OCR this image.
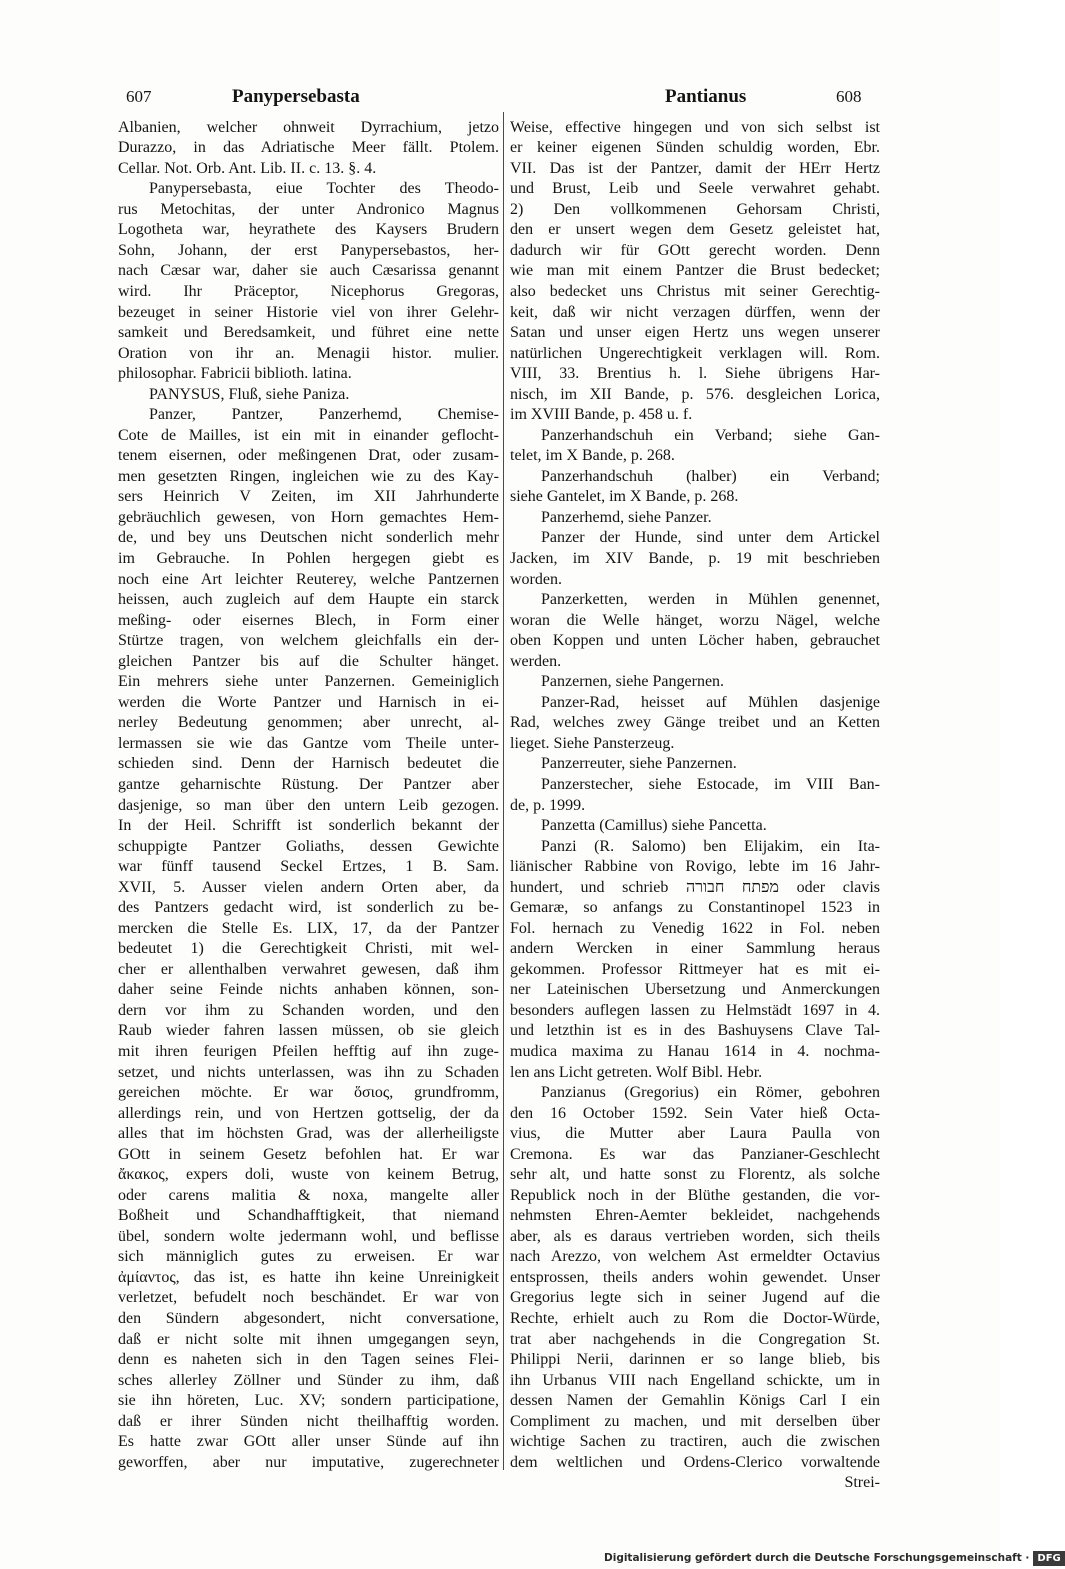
607	Panypersebasta	Pantianus	608
Albanien, welcher ohnweit Dyrrachium, jetzo
Durazzo, in das Adriatische Meer fällt. Ptolem.
Cellar. Not. Orb. Ant. Lib. II. c. 13. §. 4.
Panypersebasta, eiue Tochter des Theodo-
rus Metochitas, der unter Andronico Magnus
Logotheta war, heyrathete des Kaysers Brudern
Sohn, Johann, der erst Panypersebastos, her-
nach Cæsar war, daher sie auch Cæsarissa genannt
wird. Ihr Präceptor, Nicephorus Gregoras,
bezeuget in seiner Historie viel von ihrer Gelehr-
samkeit und Beredsamkeit, und führet eine nette
Oration von ihr an. Menagii histor. mulier.
philosophar. Fabricii biblioth. latina.
PANYSUS, Fluß, siehe Paniza.
Panzer, Pantzer, Panzerhemd, Chemise-
Cote de Mailles, ist ein mit in einander geflocht-
tenem eisernen, oder meßingenen Drat, oder zusam-
men gesetzten Ringen, ingleichen wie zu des Kay-
sers Heinrich V Zeiten, im XII Jahrhunderte
gebräuchlich gewesen, von Horn gemachtes Hem-
de, und bey uns Deutschen nicht sonderlich mehr
im Gebrauche. In Pohlen hergegen giebt es
noch eine Art leichter Reuterey, welche Pantzernen
heissen, auch zugleich auf dem Haupte ein starck
meßing- oder eisernes Blech, in Form einer
Stürtze tragen, von welchem gleichfalls ein der-
gleichen Pantzer bis auf die Schulter hänget.
Ein mehrers siehe unter Panzernen. Gemeiniglich
werden die Worte Pantzer und Harnisch in ei-
nerley Bedeutung genommen; aber unrecht, al-
lermassen sie wie das Gantze vom Theile unter-
schieden sind. Denn der Harnisch bedeutet die
gantze geharnischte Rüstung. Der Pantzer aber
dasjenige, so man über den untern Leib gezogen.
In der Heil. Schrifft ist sonderlich bekannt der
schuppigte Pantzer Goliaths, dessen Gewichte
war fünff tausend Seckel Ertzes, 1 B. Sam.
XVII, 5. Ausser vielen andern Orten aber, da
des Pantzers gedacht wird, ist sonderlich zu be-
mercken die Stelle Es. LIX, 17, da der Pantzer
bedeutet 1) die Gerechtigkeit Christi, mit wel-
cher er allenthalben verwahret gewesen, daß ihm
daher seine Feinde nichts anhaben können, son-
dern vor ihm zu Schanden worden, und den
Raub wieder fahren lassen müssen, ob sie gleich
mit ihren feurigen Pfeilen hefftig auf ihn zuge-
setzet, und nichts unterlassen, was ihn zu Schaden
gereichen möchte. Er war ὅσιος, grundfromm,
allerdings rein, und von Hertzen gottselig, der da
alles that im höchsten Grad, was der allerheiligste
GOtt in seinem Gesetz befohlen hat. Er war
ἄκακος, expers doli, wuste von keinem Betrug,
oder carens malitia & noxa, mangelte aller
Boßheit und Schandhafftigkeit, that niemand
übel, sondern wolte jedermann wohl, und beflisse
sich männiglich gutes zu erweisen. Er war
ἀμίαντος, das ist, es hatte ihn keine Unreinigkeit
verletzet, befudelt noch beschändet. Er war von
den Sündern abgesondert, nicht conversatione,
daß er nicht solte mit ihnen umgegangen seyn,
denn es naheten sich in den Tagen seines Flei-
sches allerley Zöllner und Sünder zu ihm, daß
sie ihn höreten, Luc. XV; sondern participatione,
daß er ihrer Sünden nicht theilhafftig worden.
Es hatte zwar GOtt aller unser Sünde auf ihn
geworffen, aber nur imputative, zugerechneter
Weise, effective hingegen und von sich selbst ist
er keiner eigenen Sünden schuldig worden, Ebr.
VII. Das ist der Pantzer, damit der HErr Hertz
und Brust, Leib und Seele verwahret gehabt.
2) Den vollkommenen Gehorsam Christi,
den er unsert wegen dem Gesetz geleistet hat,
dadurch wir für GOtt gerecht worden. Denn
wie man mit einem Pantzer die Brust bedecket;
also bedecket uns Christus mit seiner Gerechtig-
keit, daß wir nicht verzagen dürffen, wenn der
Satan und unser eigen Hertz uns wegen unserer
natürlichen Ungerechtigkeit verklagen will. Rom.
VIII, 33. Brentius h. l. Siehe übrigens Har-
nisch, im XII Bande, p. 576. desgleichen Lorica,
im XVIII Bande, p. 458 u. f.
Panzerhandschuh ein Verband; siehe Gan-
telet, im X Bande, p. 268.
Panzerhandschuh (halber) ein Verband;
siehe Gantelet, im X Bande, p. 268.
Panzerhemd, siehe Panzer.
Panzer der Hunde, sind unter dem Artickel
Jacken, im XIV Bande, p. 19 mit beschrieben
worden.
Panzerketten, werden in Mühlen genennet,
woran die Welle hänget, worzu Nägel, welche
oben Koppen und unten Löcher haben, gebrauchet
werden.
Panzernen, siehe Pangernen.
Panzer-Rad, heisset auf Mühlen dasjenige
Rad, welches zwey Gänge treibet und an Ketten
lieget. Siehe Pansterzeug.
Panzerreuter, siehe Panzernen.
Panzerstecher, siehe Estocade, im VIII Ban-
de, p. 1999.
Panzetta (Camillus) siehe Pancetta.
Panzi (R. Salomo) ben Elijakim, ein Ita-
liänischer Rabbine von Rovigo, lebte im 16 Jahr-
hundert, und schrieb מפתח חבורה oder clavis
Gemaræ, so anfangs zu Constantinopel 1523 in
Fol. hernach zu Venedig 1622 in Fol. neben
andern Wercken in einer Sammlung heraus
gekommen. Professor Rittmeyer hat es mit ei-
ner Lateinischen Ubersetzung und Anmerckungen
besonders auflegen lassen zu Helmstädt 1697 in 4.
und letzthin ist es in des Bashuysens Clave Tal-
mudica maxima zu Hanau 1614 in 4. nochma-
len ans Licht getreten. Wolf Bibl. Hebr.
Panzianus (Gregorius) ein Römer, gebohren
den 16 October 1592. Sein Vater hieß Octa-
vius, die Mutter aber Laura Paulla von
Cremona. Es war das Panzianer-Geschlecht
sehr alt, und hatte sonst zu Florentz, als solche
Republick noch in der Blüthe gestanden, die vor-
nehmsten Ehren-Aemter bekleidet, nachgehends
aber, als es daraus vertrieben worden, sich theils
nach Arezzo, von welchem Ast ermeldter Octavius
entsprossen, theils anders wohin gewendet. Unser
Gregorius legte sich in seiner Jugend auf die
Rechte, erhielt auch zu Rom die Doctor-Würde,
trat aber nachgehends in die Congregation St.
Philippi Nerii, darinnen er so lange blieb, bis
ihn Urbanus VIII nach Engelland schickte, um in
dessen Namen der Gemahlin Königs Carl I ein
Compliment zu machen, und mit derselben über
wichtige Sachen zu tractiren, auch die zwischen
dem weltlichen und Ordens-Clerico vorwaltende
Strei-
Digitalisierung gefördert durch die Deutsche Forschungsgemeinschaft · DFG
